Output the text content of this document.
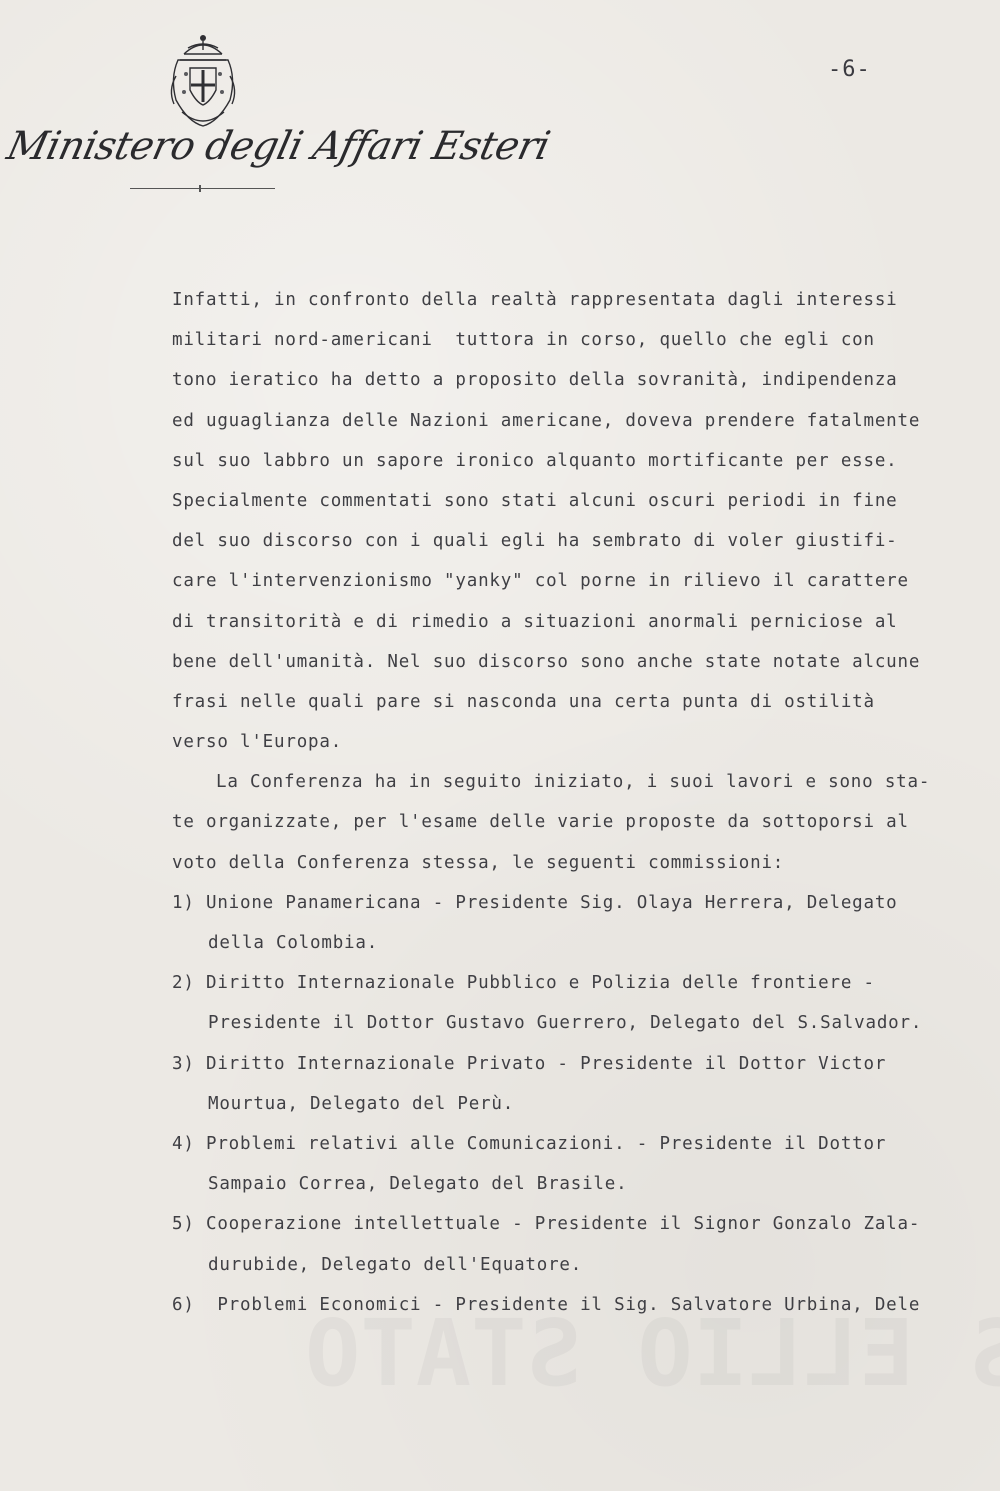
Ministero degli Affari Esteri
-6-
Infatti, in confronto della realtà rappresentata dagli interessi
militari nord-americani  tuttora in corso, quello che egli con
tono ieratico ha detto a proposito della sovranità, indipendenza
ed uguaglianza delle Nazioni americane, doveva prendere fatalmente
sul suo labbro un sapore ironico alquanto mortificante per esse.
Specialmente commentati sono stati alcuni oscuri periodi in fine
del suo discorso con i quali egli ha sembrato di voler giustifi-
care l'intervenzionismo "yanky" col porne in rilievo il carattere
di transitorità e di rimedio a situazioni anormali perniciose al
bene dell'umanità. Nel suo discorso sono anche state notate alcune
frasi nelle quali pare si nasconda una certa punta di ostilità
verso l'Europa.
La Conferenza ha in seguito iniziato, i suoi lavori e sono sta-
te organizzate, per l'esame delle varie proposte da sottoporsi al
voto della Conferenza stessa, le seguenti commissioni:
1) Unione Panamericana - Presidente Sig. Olaya Herrera, Delegato
della Colombia.
2) Diritto Internazionale Pubblico e Polizia delle frontiere -
Presidente il Dottor Gustavo Guerrero, Delegato del S.Salvador.
3) Diritto Internazionale Privato - Presidente il Dottor Victor
Mourtua, Delegato del Perù.
4) Problemi relativi alle Comunicazioni. - Presidente il Dottor
Sampaio Correa, Delegato del Brasile.
5) Cooperazione intellettuale - Presidente il Signor Gonzalo Zala-
durubide, Delegato dell'Equatore.
6)  Problemi Economici - Presidente il Sig. Salvatore Urbina, Dele
